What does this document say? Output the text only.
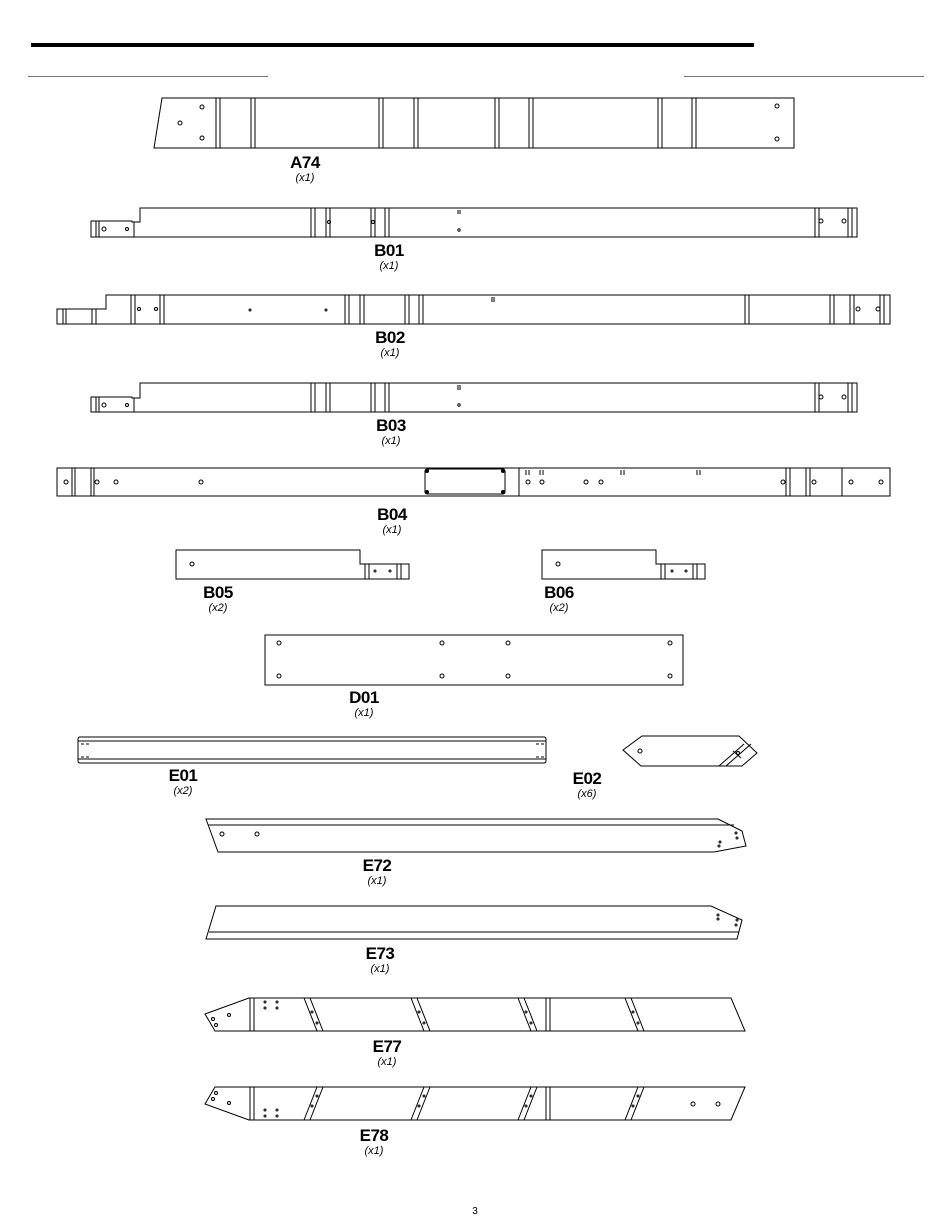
A74
(x1)
B01
(x1)
B02
(x1)
B03
(x1)
B04
(x1)
B05
(x2)
B06
(x2)
D01
(x1)
E01
(x2)
E02
(x6)
E72
(x1)
E73
(x1)
E77
(x1)
E78
(x1)
3
